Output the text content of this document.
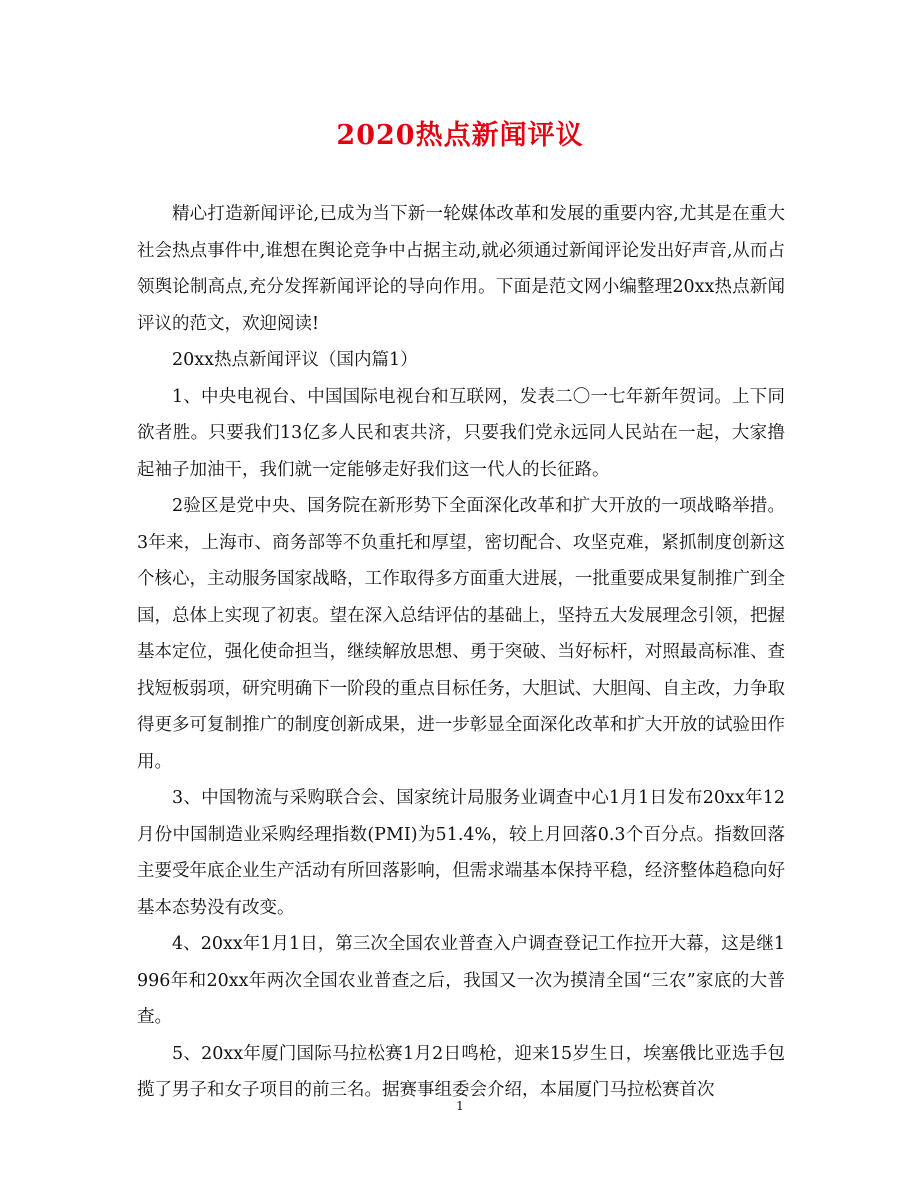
2020热点新闻评议

精心打造新闻评论,已成为当下新一轮媒体改革和发展的重要内容,尤其是在重大社会热点事件中,谁想在舆论竞争中占据主动,就必须通过新闻评论发出好声音,从而占领舆论制高点,充分发挥新闻评论的导向作用。下面是范文网小编整理20xx热点新闻评议的范文，欢迎阅读!

20xx热点新闻评议（国内篇1）

1、中央电视台、中国国际电视台和互联网，发表二〇一七年新年贺词。上下同欲者胜。只要我们13亿多人民和衷共济，只要我们党永远同人民站在一起，大家撸起袖子加油干，我们就一定能够走好我们这一代人的长征路。

2验区是党中央、国务院在新形势下全面深化改革和扩大开放的一项战略举措。3年来，上海市、商务部等不负重托和厚望，密切配合、攻坚克难，紧抓制度创新这个核心，主动服务国家战略，工作取得多方面重大进展，一批重要成果复制推广到全国，总体上实现了初衷。望在深入总结评估的基础上，坚持五大发展理念引领，把握基本定位，强化使命担当，继续解放思想、勇于突破、当好标杆，对照最高标准、查找短板弱项，研究明确下一阶段的重点目标任务，大胆试、大胆闯、自主改，力争取得更多可复制推广的制度创新成果，进一步彰显全面深化改革和扩大开放的试验田作用。

3、中国物流与采购联合会、国家统计局服务业调查中心1月1日发布20xx年12月份中国制造业采购经理指数(PMI)为51.4%，较上月回落0.3个百分点。指数回落主要受年底企业生产活动有所回落影响，但需求端基本保持平稳，经济整体趋稳向好基本态势没有改变。

4、20xx年1月1日，第三次全国农业普查入户调查登记工作拉开大幕，这是继1996年和20xx年两次全国农业普查之后，我国又一次为摸清全国“三农”家底的大普查。

5、20xx年厦门国际马拉松赛1月2日鸣枪，迎来15岁生日，埃塞俄比亚选手包揽了男子和女子项目的前三名。据赛事组委会介绍，本届厦门马拉松赛首次

1
